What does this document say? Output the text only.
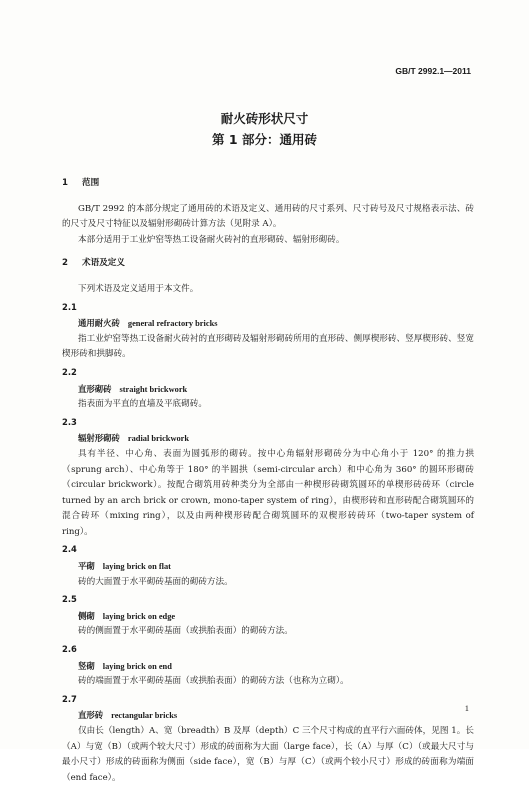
GB/T 2992.1—2011
耐火砖形状尺寸
第 1 部分：通用砖
1 范围

GB/T 2992 的本部分规定了通用砖的术语及定义、通用砖的尺寸系列、尺寸砖号及尺寸规格表示法、砖的尺寸及尺寸特征以及辐射形砌砖计算方法（见附录 A）。

本部分适用于工业炉窑等热工设备耐火砖衬的直形砌砖、辐射形砌砖。

2 术语及定义

下列术语及定义适用于本文件。

2.1
通用耐火砖 general refractory bricks

指工业炉窑等热工设备耐火砖衬的直形砌砖及辐射形砌砖所用的直形砖、侧厚楔形砖、竖厚楔形砖、竖宽楔形砖和拱脚砖。

2.2
直形砌砖 straight brickwork

指表面为平直的直墙及平底砌砖。

2.3
辐射形砌砖 radial brickwork

具有半径、中心角、表面为圆弧形的砌砖。按中心角辐射形砌砖分为中心角小于 120° 的推力拱（sprung arch）、中心角等于 180° 的半圆拱（semi-circular arch）和中心角为 360° 的圆环形砌砖（circular brickwork）。按配合砌筑用砖种类分为全部由一种楔形砖砌筑圆环的单楔形砖砖环（circle turned by an arch brick or crown, mono-taper system of ring），由楔形砖和直形砖配合砌筑圆环的混合砖环（mixing ring），以及由两种楔形砖配合砌筑圆环的双楔形砖砖环（two-taper system of ring）。

2.4
平砌 laying brick on flat

砖的大面置于水平砌砖基面的砌砖方法。

2.5
侧砌 laying brick on edge

砖的侧面置于水平砌砖基面（或拱胎表面）的砌砖方法。

2.6
竖砌 laying brick on end

砖的端面置于水平砌砖基面（或拱胎表面）的砌砖方法（也称为立砌）。

2.7
直形砖 rectangular bricks

仅由长（length）A、宽（breadth）B 及厚（depth）C 三个尺寸构成的直平行六面砖体，见图 1。长（A）与宽（B）（或两个较大尺寸）形成的砖面称为大面（large face），长（A）与厚（C）（或最大尺寸与最小尺寸）形成的砖面称为侧面（side face），宽（B）与厚（C）（或两个较小尺寸）形成的砖面称为端面（end face）。

1
